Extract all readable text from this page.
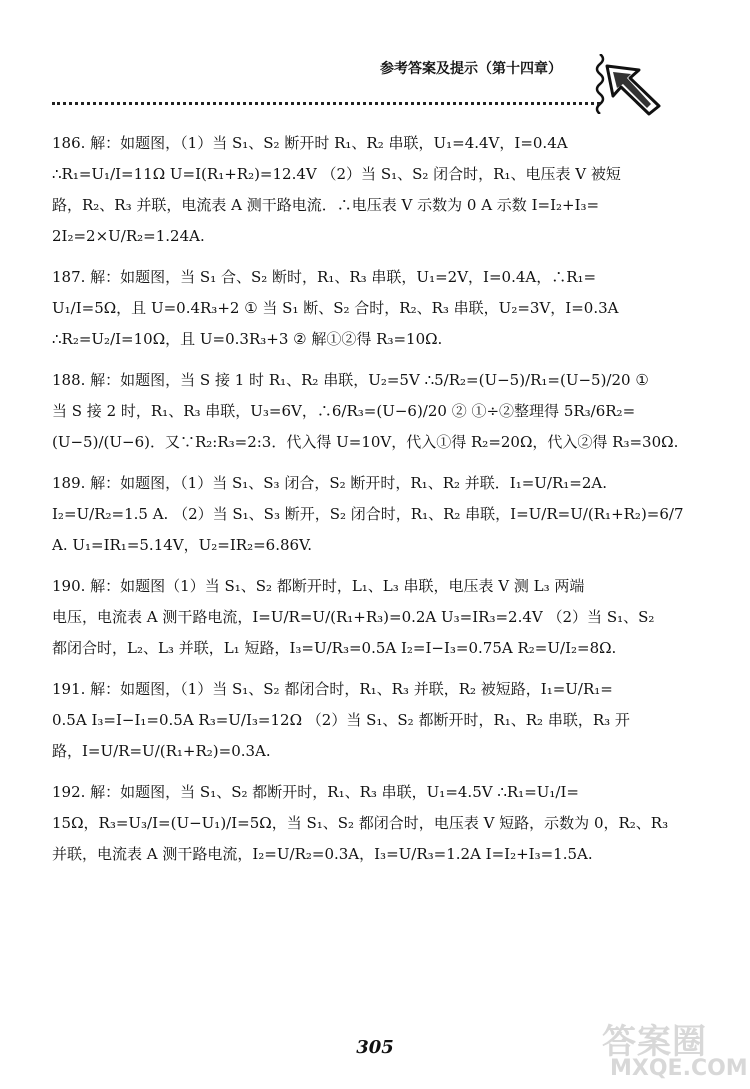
参考答案及提示（第十四章）

186. 解：如题图，（1）当 S₁、S₂ 断开时 R₁、R₂ 串联，U₁=4.4V，I=0.4A

∴R₁=U₁/I=11Ω U=I(R₁+R₂)=12.4V （2）当 S₁、S₂ 闭合时，R₁、电压表 V 被短

路，R₂、R₃ 并联，电流表 A 测干路电流．∴电压表 V 示数为 0 A 示数 I=I₂+I₃=

2I₂=2×U/R₂=1.24A.

187. 解：如题图，当 S₁ 合、S₂ 断时，R₁、R₃ 串联，U₁=2V，I=0.4A，∴R₁=

U₁/I=5Ω，且 U=0.4R₃+2 ① 当 S₁ 断、S₂ 合时，R₂、R₃ 串联，U₂=3V，I=0.3A

∴R₂=U₂/I=10Ω，且 U=0.3R₃+3 ② 解①②得 R₃=10Ω.

188. 解：如题图，当 S 接 1 时 R₁、R₂ 串联，U₂=5V ∴5/R₂=(U−5)/R₁=(U−5)/20 ①

当 S 接 2 时，R₁、R₃ 串联，U₃=6V，∴6/R₃=(U−6)/20 ② ①÷②整理得 5R₃/6R₂=

(U−5)/(U−6)．又∵R₂:R₃=2:3．代入得 U=10V，代入①得 R₂=20Ω，代入②得 R₃=30Ω.

189. 解：如题图，（1）当 S₁、S₃ 闭合，S₂ 断开时，R₁、R₂ 并联．I₁=U/R₁=2A.

I₂=U/R₂=1.5 A. （2）当 S₁、S₃ 断开，S₂ 闭合时，R₁、R₂ 串联，I=U/R=U/(R₁+R₂)=6/7

A. U₁=IR₁=5.14V，U₂=IR₂=6.86V.

190. 解：如题图（1）当 S₁、S₂ 都断开时，L₁、L₃ 串联，电压表 V 测 L₃ 两端

电压，电流表 A 测干路电流，I=U/R=U/(R₁+R₃)=0.2A U₃=IR₃=2.4V （2）当 S₁、S₂

都闭合时，L₂、L₃ 并联，L₁ 短路，I₃=U/R₃=0.5A I₂=I−I₃=0.75A R₂=U/I₂=8Ω.

191. 解：如题图，（1）当 S₁、S₂ 都闭合时，R₁、R₃ 并联，R₂ 被短路，I₁=U/R₁=

0.5A I₃=I−I₁=0.5A R₃=U/I₃=12Ω （2）当 S₁、S₂ 都断开时，R₁、R₂ 串联，R₃ 开

路，I=U/R=U/(R₁+R₂)=0.3A.

192. 解：如题图，当 S₁、S₂ 都断开时，R₁、R₃ 串联，U₁=4.5V ∴R₁=U₁/I=

15Ω，R₃=U₃/I=(U−U₁)/I=5Ω，当 S₁、S₂ 都闭合时，电压表 V 短路，示数为 0，R₂、R₃

并联，电流表 A 测干路电流，I₂=U/R₂=0.3A，I₃=U/R₃=1.2A I=I₂+I₃=1.5A.

305	答案圈
MXQE.COM
